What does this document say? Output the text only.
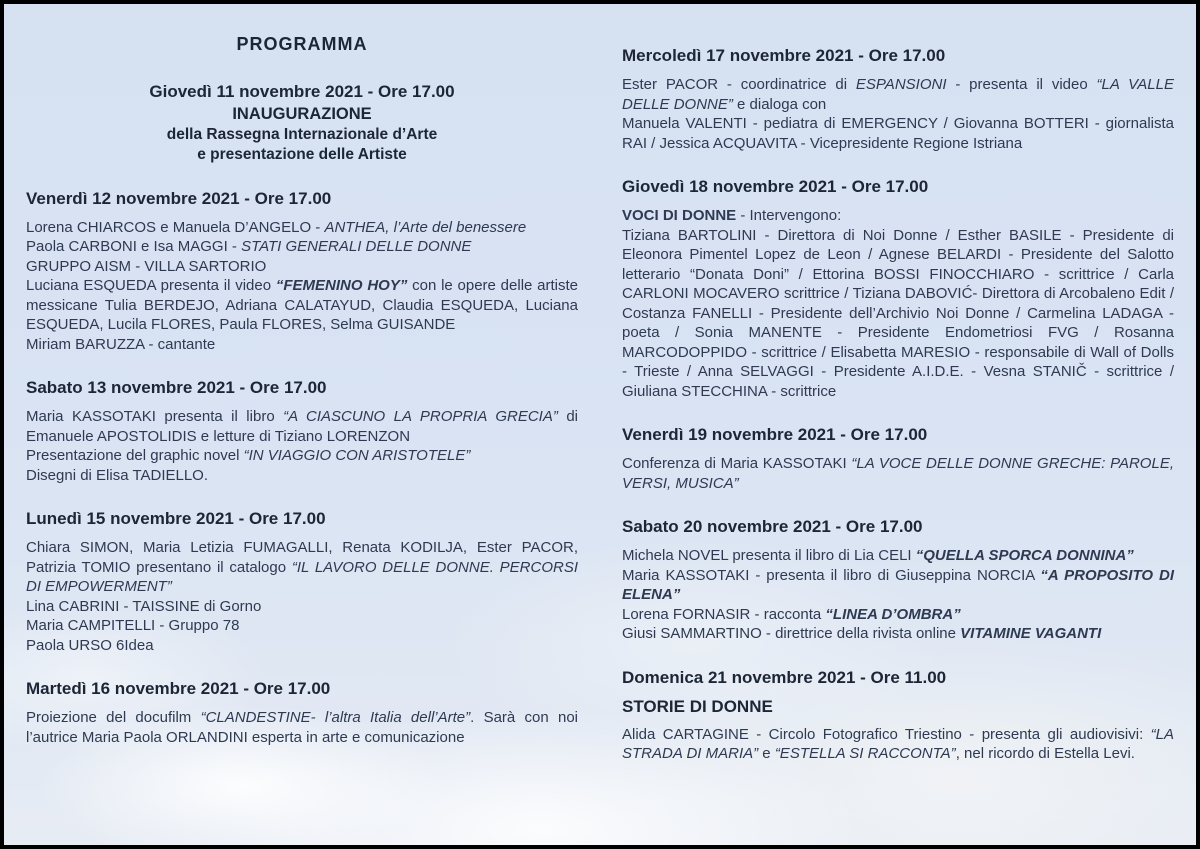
PROGRAMMA
Giovedì 11 novembre 2021 - Ore 17.00
INAUGURAZIONE
della Rassegna Internazionale d’Arte
e presentazione delle Artiste
Venerdì 12 novembre 2021 - Ore 17.00

Lorena CHIARCOS e Manuela D’ANGELO - ANTHEA, l’Arte del benessere

Paola CARBONI e Isa MAGGI - STATI GENERALI DELLE DONNE

GRUPPO AISM - VILLA SARTORIO

Luciana ESQUEDA presenta il video “FEMENINO HOY” con le opere delle artiste messicane Tulia BERDEJO, Adriana CALATAYUD, Claudia ESQUEDA, Luciana ESQUEDA, Lucila FLORES, Paula FLORES, Selma GUISANDE

Miriam BARUZZA - cantante

Sabato 13 novembre 2021 - Ore 17.00

Maria KASSOTAKI presenta il libro “A CIASCUNO LA PROPRIA GRECIA” di Emanuele APOSTOLIDIS e letture di Tiziano LORENZON

Presentazione del graphic novel “IN VIAGGIO CON ARISTOTELE”

Disegni di Elisa TADIELLO.

Lunedì 15 novembre 2021 - Ore 17.00

Chiara SIMON, Maria Letizia FUMAGALLI, Renata KODILJA, Ester PACOR, Patrizia TOMIO presentano il catalogo “IL LAVORO DELLE DONNE. PERCORSI DI EMPOWERMENT”

Lina CABRINI - TAISSINE di Gorno

Maria CAMPITELLI - Gruppo 78

Paola URSO 6Idea

Martedì 16 novembre 2021 - Ore 17.00

Proiezione del docufilm “CLANDESTINE- l’altra Italia dell’Arte”. Sarà con noi l’autrice Maria Paola ORLANDINI esperta in arte e comunicazione

Mercoledì 17 novembre 2021 - Ore 17.00

Ester PACOR - coordinatrice di ESPANSIONI - presenta il video “LA VALLE DELLE DONNE” e dialoga con

Manuela VALENTI - pediatra di EMERGENCY / Giovanna BOTTERI - giornalista RAI / Jessica ACQUAVITA - Vicepresidente Regione Istriana

Giovedì 18 novembre 2021 - Ore 17.00

VOCI DI DONNE - Intervengono:

Tiziana BARTOLINI - Direttora di Noi Donne / Esther BASILE - Presidente di Eleonora Pimentel Lopez de Leon / Agnese BELARDI - Presidente del Salotto letterario “Donata Doni” / Ettorina BOSSI FINOCCHIARO - scrittrice / Carla CARLONI MOCAVERO scrittrice / Tiziana DABOVIĆ- Direttora di Arcobaleno Edit / Costanza FANELLI - Presidente dell’Archivio Noi Donne / Carmelina LADAGA - poeta / Sonia MANENTE - Presidente Endometriosi FVG / Rosanna MARCODOPPIDO - scrittrice / Elisabetta MARESIO - responsabile di Wall of Dolls - Trieste / Anna SELVAGGI - Presidente A.I.D.E. - Vesna STANIČ - scrittrice / Giuliana STECCHINA - scrittrice

Venerdì 19 novembre 2021 - Ore 17.00

Conferenza di Maria KASSOTAKI “LA VOCE DELLE DONNE GRECHE: PAROLE, VERSI, MUSICA”

Sabato 20 novembre 2021 - Ore 17.00

Michela NOVEL presenta il libro di Lia CELI “QUELLA SPORCA DONNINA”

Maria KASSOTAKI - presenta il libro di Giuseppina NORCIA “A PROPOSITO DI ELENA”

Lorena FORNASIR - racconta “LINEA D’OMBRA”

Giusi SAMMARTINO - direttrice della rivista online VITAMINE VAGANTI

Domenica 21 novembre 2021 - Ore 11.00
STORIE DI DONNE

Alida CARTAGINE - Circolo Fotografico Triestino - presenta gli audiovisivi: “LA STRADA DI MARIA” e “ESTELLA SI RACCONTA”, nel ricordo di Estella Levi.
